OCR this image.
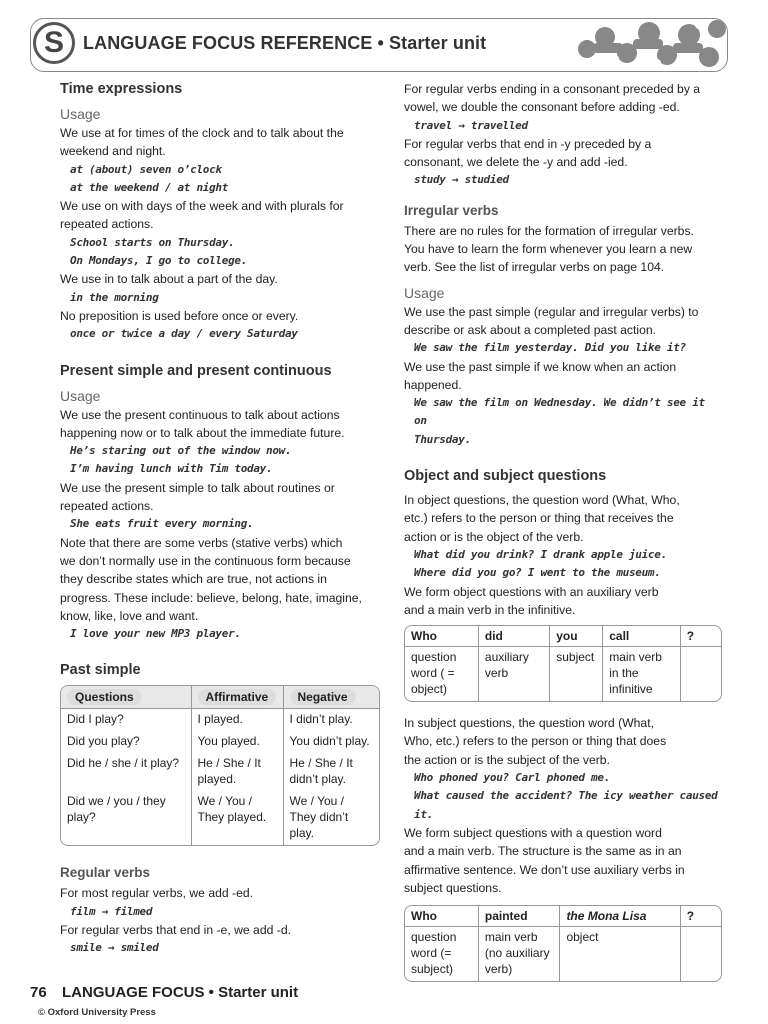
S	LANGUAGE FOCUS REFERENCE • Starter unit
Time expressions
Usage
We use at for times of the clock and to talk about the
weekend and night.
at (about) seven o’clock
at the weekend / at night
We use on with days of the week and with plurals for
repeated actions.
School starts on Thursday.
On Mondays, I go to college.
We use in to talk about a part of the day.
in the morning
No preposition is used before once or every.
once or twice a day / every Saturday
Present simple and present continuous
Usage
We use the present continuous to talk about actions
happening now or to talk about the immediate future.
He’s staring out of the window now.
I’m having lunch with Tim today.
We use the present simple to talk about routines or
repeated actions.
She eats fruit every morning.
Note that there are some verbs (stative verbs) which
we don’t normally use in the continuous form because
they describe states which are true, not actions in
progress. These include: believe, belong, hate, imagine,
know, like, love and want.
I love your new MP3 player.
Past simple
Questions	Affirmative	Negative
Did I play?	I played.	I didn’t play.
Did you play?	You played.	You didn’t play.
Did he / she / it play?	He / She / It played.	He / She / It didn’t play.
Did we / you / they play?	We / You / They played.	We / You / They didn’t play.
Regular verbs
For most regular verbs, we add -ed.
film → filmed
For regular verbs that end in -e, we add -d.
smile → smiled
For regular verbs ending in a consonant preceded by a
vowel, we double the consonant before adding -ed.
travel → travelled
For regular verbs that end in -y preceded by a
consonant, we delete the -y and add -ied.
study → studied
Irregular verbs
There are no rules for the formation of irregular verbs.
You have to learn the form whenever you learn a new
verb. See the list of irregular verbs on page 104.
Usage
We use the past simple (regular and irregular verbs) to
describe or ask about a completed past action.
We saw the film yesterday. Did you like it?
We use the past simple if we know when an action
happened.
We saw the film on Wednesday. We didn’t see it on
Thursday.
Object and subject questions
In object questions, the question word (What, Who,
etc.) refers to the person or thing that receives the
action or is the object of the verb.
What did you drink? I drank apple juice.
Where did you go? I went to the museum.
We form object questions with an auxiliary verb
and a main verb in the infinitive.
Who	did	you	call	?
question word ( = object)	auxiliary verb	subject	main verb in the infinitive	
In subject questions, the question word (What,
Who, etc.) refers to the person or thing that does
the action or is the subject of the verb.
Who phoned you? Carl phoned me.
What caused the accident? The icy weather caused it.
We form subject questions with a question word
and a main verb. The structure is the same as in an
affirmative sentence. We don’t use auxiliary verbs in
subject questions.
Who	painted	the Mona Lisa	?
question word (= subject)	main verb (no auxiliary verb)	object	
76 LANGUAGE FOCUS • Starter unit
© Oxford University Press
